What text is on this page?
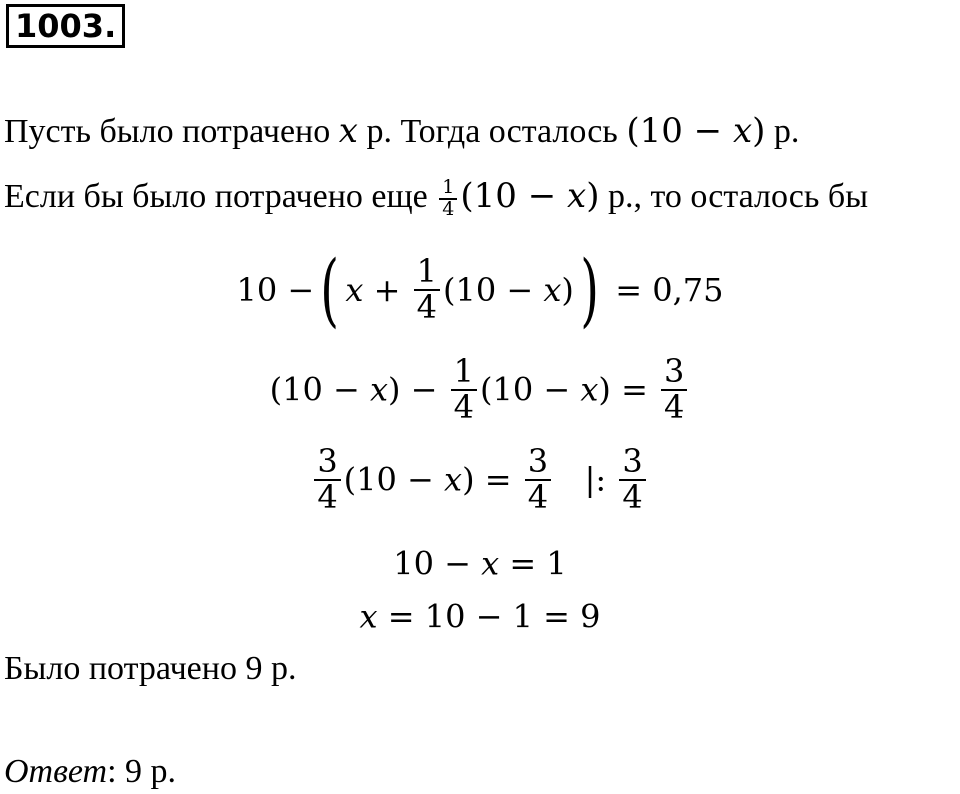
1003.
Пусть было потрачено x р. Тогда осталось (10 − x) р.
Если бы было потрачено еще $\frac{1}{4} (10 - x)$ р., то осталось бы
10 −( $x + \frac{1}{4} (10 - x)) = 0,75$
$(10 - x) - \frac{1}{4} (10 - x) = \frac{3}{4}$
$\frac{3}{4} (10 - x) = \frac{3}{4}$ |: $\frac{3}{4}$
10 − x = 1
x = 10 − 1 = 9
Было потрачено 9 р.
Ответ: 9 р.
